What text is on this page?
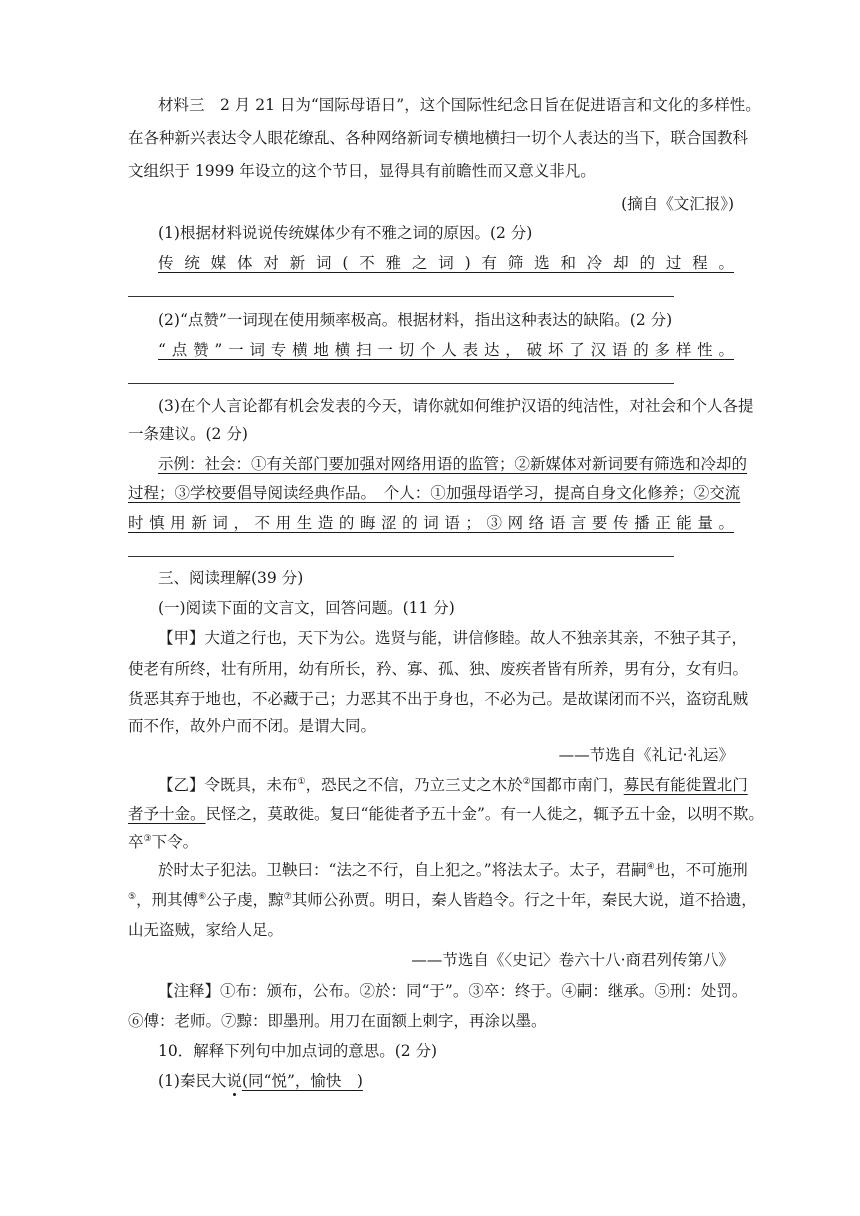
材料三　2 月 21 日为“国际母语日”，这个国际性纪念日旨在促进语言和文化的多样性。
在各种新兴表达令人眼花缭乱、各种网络新词专横地横扫一切个人表达的当下，联合国教科
文组织于 1999 年设立的这个节日，显得具有前瞻性而又意义非凡。
(摘自《文汇报》)
(1)根据材料说说传统媒体少有不雅之词的原因。(2 分)
传统媒体对新词(不雅之词)有筛选和冷却的过程。
(2)“点赞”一词现在使用频率极高。根据材料，指出这种表达的缺陷。(2 分)
“点赞”一词专横地横扫一切个人表达，破坏了汉语的多样性。
(3)在个人言论都有机会发表的今天，请你就如何维护汉语的纯洁性，对社会和个人各提
一条建议。(2 分)
示例：社会：①有关部门要加强对网络用语的监管；②新媒体对新词要有筛选和冷却的
过程；③学校要倡导阅读经典作品。　个人：①加强母语学习，提高自身文化修养；②交流
时慎用新词，不用生造的晦涩的词语；③网络语言要传播正能量。
三、阅读理解(39 分)
(一)阅读下面的文言文，回答问题。(11 分)
【甲】大道之行也，天下为公。选贤与能，讲信修睦。故人不独亲其亲，不独子其子，
使老有所终，壮有所用，幼有所长，矜、寡、孤、独、废疾者皆有所养，男有分，女有归。
货恶其弃于地也，不必藏于己；力恶其不出于身也，不必为己。是故谋闭而不兴，盗窃乱贼
而不作，故外户而不闭。是谓大同。
——节选自《礼记·礼运》
【乙】令既具，未布①，恐民之不信，乃立三丈之木於②国都市南门，募民有能徙置北门
者予十金。民怪之，莫敢徙。复曰“能徙者予五十金”。有一人徙之，辄予五十金，以明不欺。
卒③下令。
於时太子犯法。卫鞅曰：“法之不行，自上犯之。”将法太子。太子，君嗣④也，不可施刑
⑤，刑其傅⑥公子虔，黥⑦其师公孙贾。明日，秦人皆趋令。行之十年，秦民大说，道不拾遗，
山无盗贼，家给人足。
——节选自《〈史记〉卷六十八·商君列传第八》
【注释】①布：颁布，公布。②於：同“于”。③卒：终于。④嗣：继承。⑤刑：处罚。
⑥傅：老师。⑦黥：即墨刑。用刀在面额上刺字，再涂以墨。
10．解释下列句中加点词的意思。(2 分)
(1)秦民大说(同“悦”，愉快　)
